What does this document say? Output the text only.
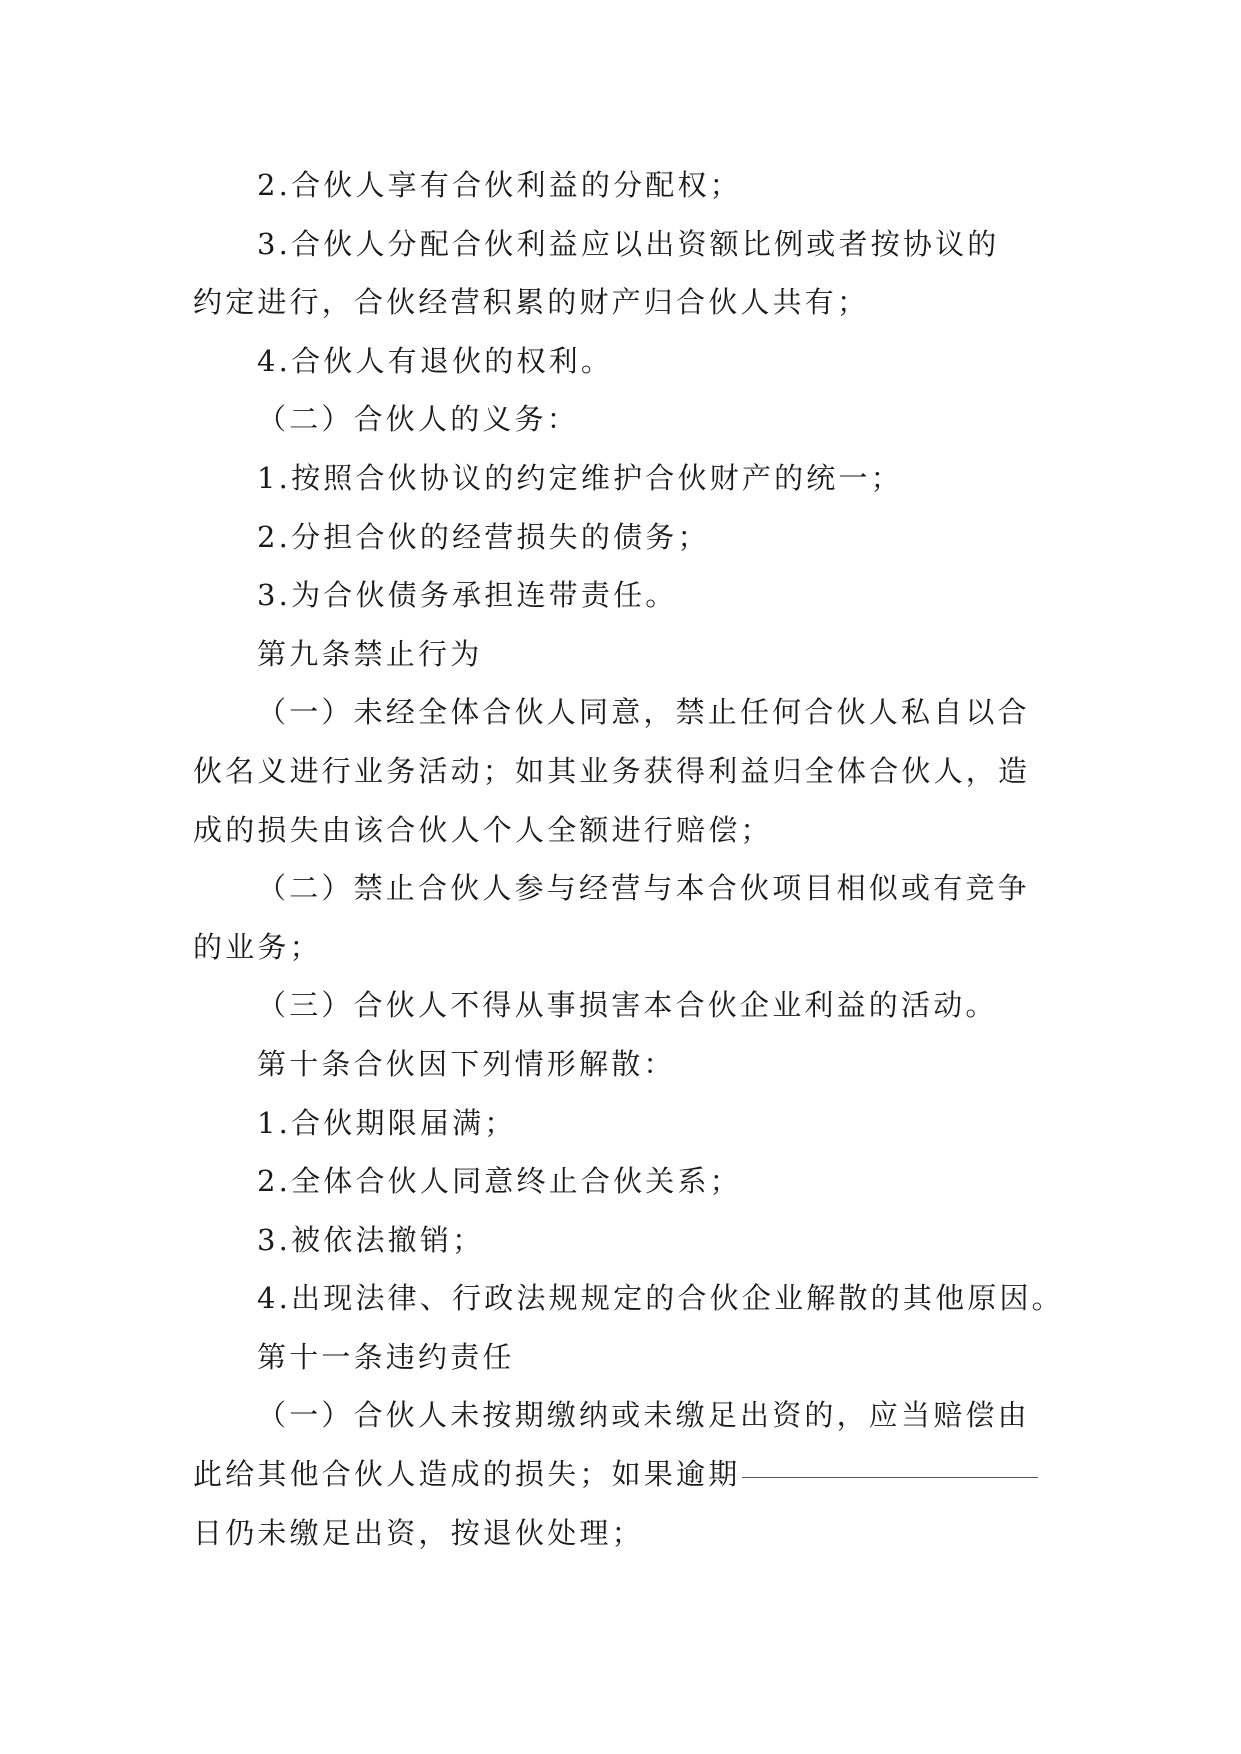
2.合伙人享有合伙利益的分配权；
3.合伙人分配合伙利益应以出资额比例或者按协议的
约定进行，合伙经营积累的财产归合伙人共有；
4.合伙人有退伙的权利。
（二）合伙人的义务：
1.按照合伙协议的约定维护合伙财产的统一；
2.分担合伙的经营损失的债务；
3.为合伙债务承担连带责任。
第九条禁止行为
（一）未经全体合伙人同意，禁止任何合伙人私自以合
伙名义进行业务活动；如其业务获得利益归全体合伙人，造
成的损失由该合伙人个人全额进行赔偿；
（二）禁止合伙人参与经营与本合伙项目相似或有竞争
的业务；
（三）合伙人不得从事损害本合伙企业利益的活动。
第十条合伙因下列情形解散：
1.合伙期限届满；
2.全体合伙人同意终止合伙关系；
3.被依法撤销；
4.出现法律、行政法规规定的合伙企业解散的其他原因。
第十一条违约责任
（一）合伙人未按期缴纳或未缴足出资的，应当赔偿由
此给其他合伙人造成的损失；如果逾期
日仍未缴足出资，按退伙处理；
